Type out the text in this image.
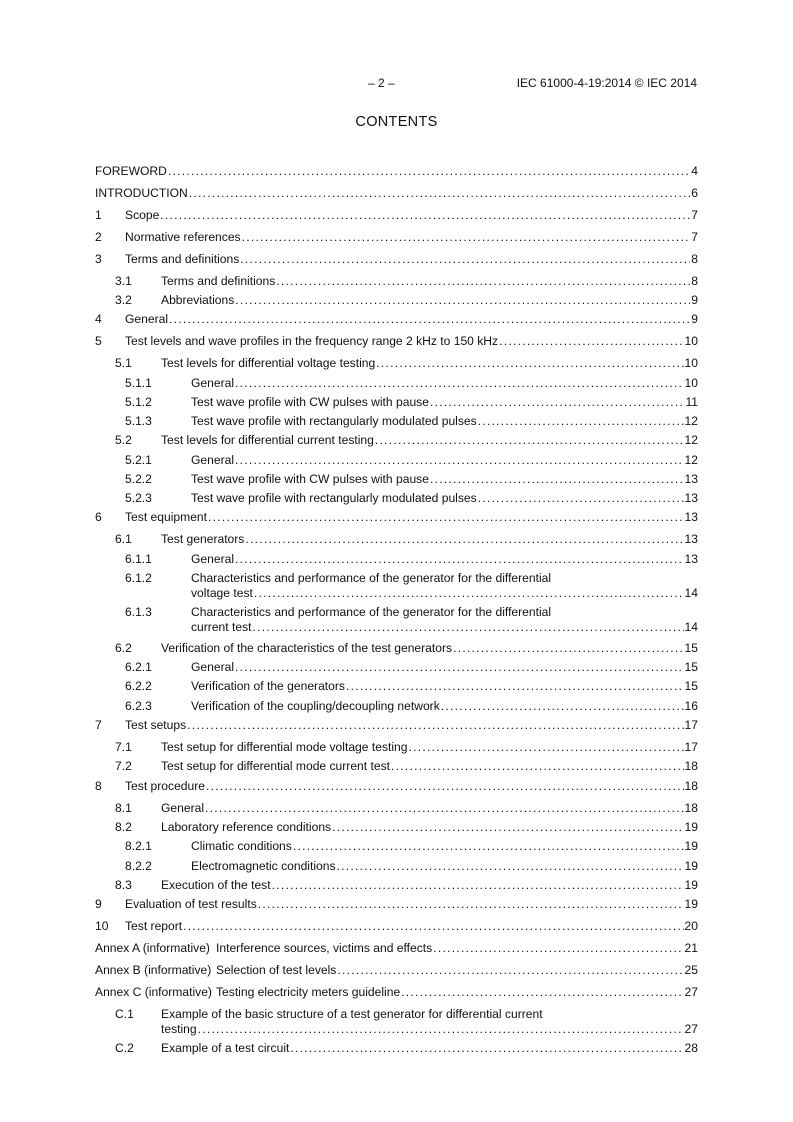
– 2 –	IEC 61000-4-19:2014 © IEC 2014
CONTENTS
FOREWORD . . .	4
INTRODUCTION . . .	6
1 Scope . . .	7
2 Normative references . . .	7
3 Terms and definitions . . .	8
3.1 Terms and definitions . . .	8
3.2 Abbreviations . . .	9
4 General . . .	9
5 Test levels and wave profiles in the frequency range 2 kHz to 150 kHz . . .	10
5.1 Test levels for differential voltage testing . . .	10
5.1.1	General . . .	10
5.1.2	Test wave profile with CW pulses with pause . . .	11
5.1.3	Test wave profile with rectangularly modulated pulses . . .	12
5.2 Test levels for differential current testing . . .	12
5.2.1	General . . .	12
5.2.2	Test wave profile with CW pulses with pause . . .	13
5.2.3	Test wave profile with rectangularly modulated pulses . . .	13
6 Test equipment . . .	13
6.1 Test generators . . .	13
6.1.1	General . . .	13
6.1.2	Characteristics and performance of the generator for the differential
voltage test . . .	14
6.1.3	Characteristics and performance of the generator for the differential
current test . . .	14
6.2 Verification of the characteristics of the test generators . . .	15
6.2.1	General . . .	15
6.2.2	Verification of the generators . . .	15
6.2.3	Verification of the coupling/decoupling network . . .	16
7 Test setups . . .	17
7.1 Test setup for differential mode voltage testing . . .	17
7.2 Test setup for differential mode current test . . .	18
8 Test procedure . . .	18
8.1 General . . .	18
8.2 Laboratory reference conditions . . .	19
8.2.1	Climatic conditions . . .	19
8.2.2	Electromagnetic conditions . . .	19
8.3 Execution of the test . . .	19
9 Evaluation of test results . . .	19
10 Test report . . .	20
Annex A (informative) Interference sources, victims and effects . . .	21
Annex B (informative) Selection of test levels . . .	25
Annex C (informative) Testing electricity meters guideline . . .	27
C.1 Example of the basic structure of a test generator for differential current
testing . . .	27
C.2 Example of a test circuit . . .	28
